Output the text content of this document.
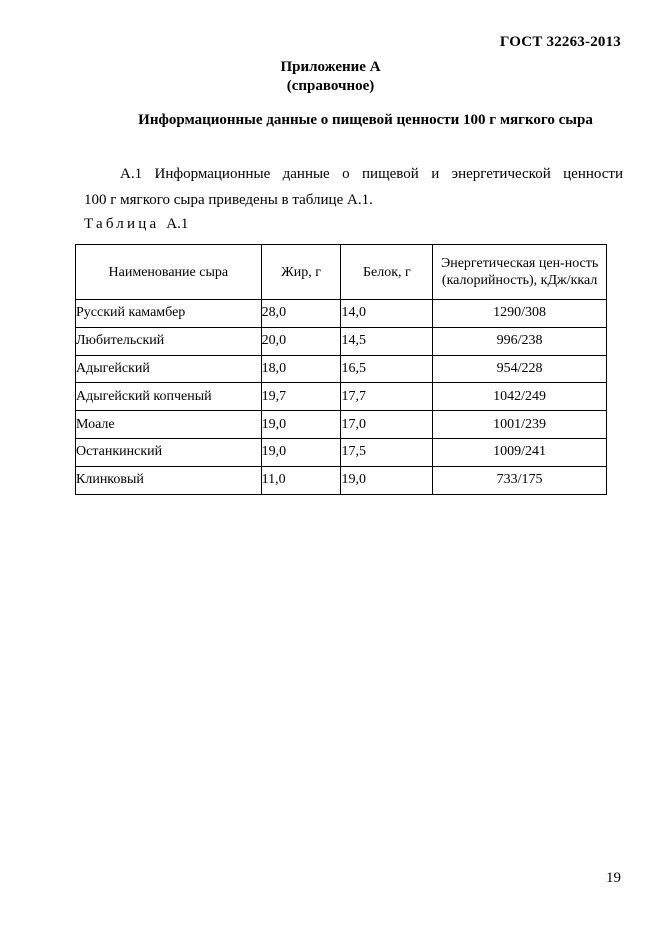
ГОСТ 32263-2013
Приложение А
(справочное)
Информационные данные о пищевой ценности 100 г мягкого сыра
А.1 Информационные данные о пищевой и энергетической ценности
100 г мягкого сыра приведены в таблице А.1.
Таблица А.1
Наименование сыра	Жир, г	Белок, г	Энергетическая цен-ность (калорийность), кДж/ккал
Русский камамбер	28,0	14,0	1290/308
Любительский	20,0	14,5	996/238
Адыгейский	18,0	16,5	954/228
Адыгейский копченый	19,7	17,7	1042/249
Моале	19,0	17,0	1001/239
Останкинский	19,0	17,5	1009/241
Клинковый	11,0	19,0	733/175
19
